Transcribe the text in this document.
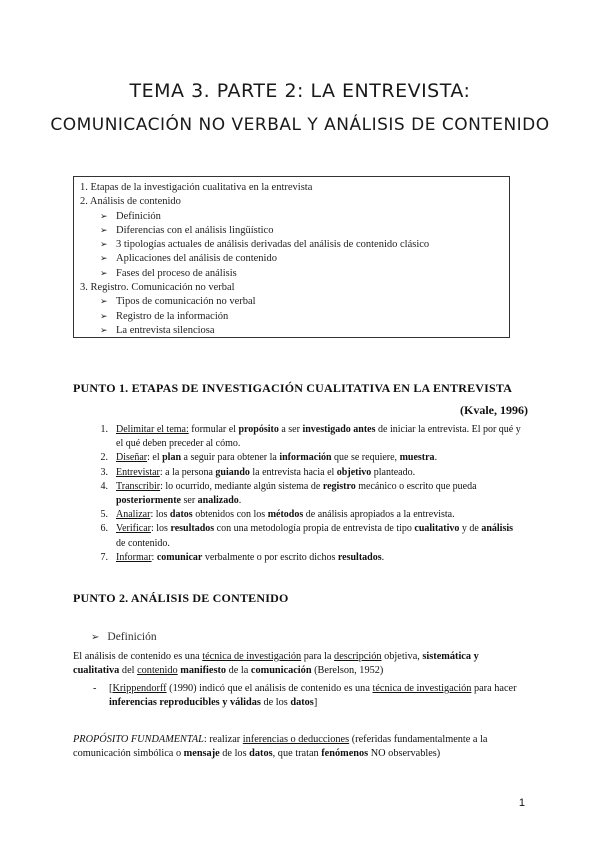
TEMA 3. PARTE 2: LA ENTREVISTA:
COMUNICACIÓN NO VERBAL Y ANÁLISIS DE CONTENIDO
1. Etapas de la investigación cualitativa en la entrevista
2. Análisis de contenido
➢ Definición
➢ Diferencias con el análisis lingüístico
➢ 3 tipologías actuales de análisis derivadas del análisis de contenido clásico
➢ Aplicaciones del análisis de contenido
➢ Fases del proceso de análisis
3. Registro. Comunicación no verbal
➢ Tipos de comunicación no verbal
➢ Registro de la información
➢ La entrevista silenciosa
PUNTO 1. ETAPAS DE INVESTIGACIÓN CUALITATIVA EN LA ENTREVISTA
(Kvale, 1996)
1. Delimitar el tema: formular el propósito a ser investigado antes de iniciar la entrevista. El por qué y el qué deben preceder al cómo.
2. Diseñar: el plan a seguir para obtener la información que se requiere, muestra.
3. Entrevistar: a la persona guiando la entrevista hacia el objetivo planteado.
4. Transcribir: lo ocurrido, mediante algún sistema de registro mecánico o escrito que pueda posteriormente ser analizado.
5. Analizar: los datos obtenidos con los métodos de análisis apropiados a la entrevista.
6. Verificar: los resultados con una metodología propia de entrevista de tipo cualitativo y de análisis de contenido.
7. Informar: comunicar verbalmente o por escrito dichos resultados.
PUNTO 2. ANÁLISIS DE CONTENIDO
➢ Definición
El análisis de contenido es una técnica de investigación para la descripción objetiva, sistemática y cualitativa del contenido manifiesto de la comunicación (Berelson, 1952)
-	[Krippendorff (1990) indicó que el análisis de contenido es una técnica de investigación para hacer inferencias reproducibles y válidas de los datos]
PROPÓSITO FUNDAMENTAL: realizar inferencias o deducciones (referidas fundamentalmente a la comunicación simbólica o mensaje de los datos, que tratan fenómenos NO observables)
1
